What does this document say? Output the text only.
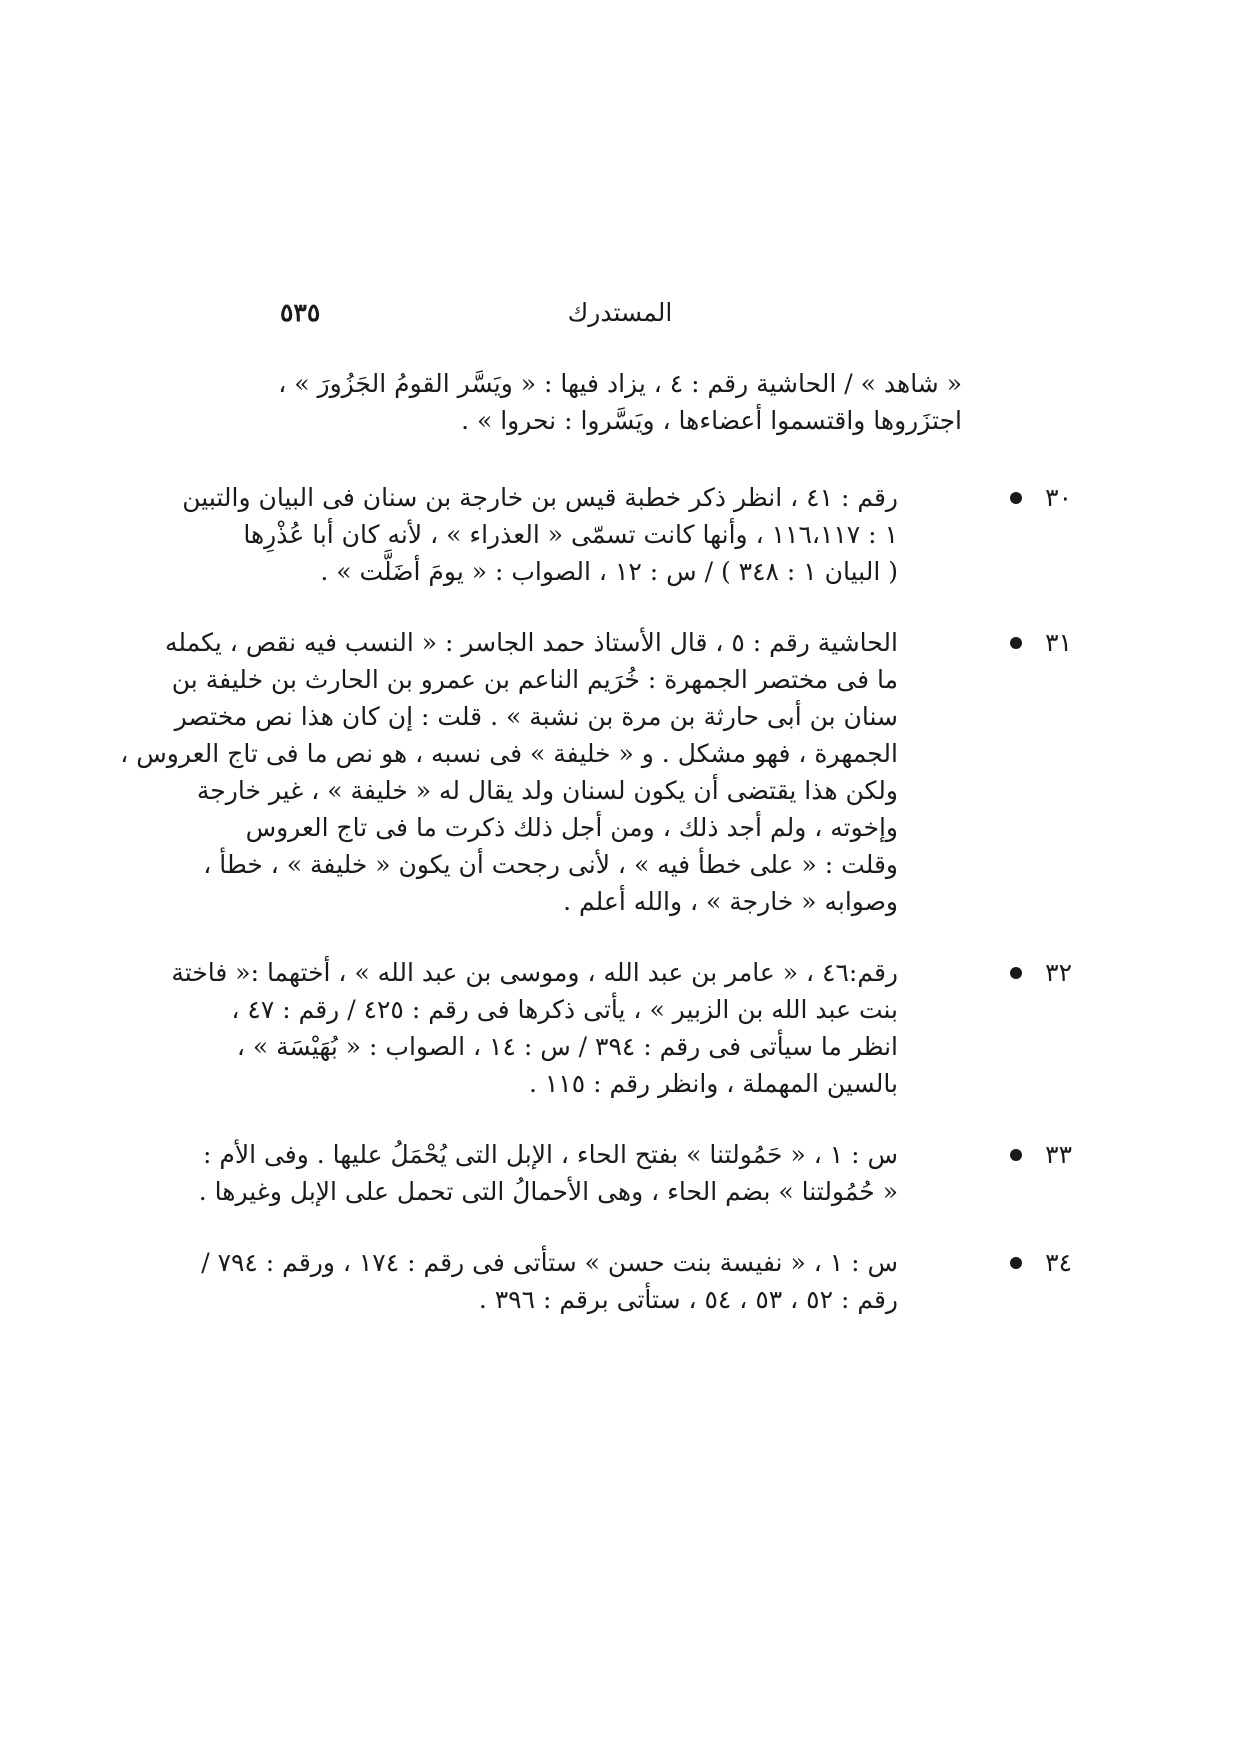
المستدرك
٥٣٥
« شاهد » / الحاشية رقم : ٤ ، يزاد فيها : « ويَسَّر القومُ الجَزُورَ » ،
اجتزَروها واقتسموا أعضاءها ، ويَسَّروا : نحروا » .
٣٠
رقم : ٤١ ، انظر ذكر خطبة قيس بن خارجة بن سنان فى البيان والتبين
١ : ١١٦،١١٧ ، وأنها كانت تسمّى « العذراء » ، لأنه كان أبا عُذْرِها
( البيان ١ : ٣٤٨ ) / س : ١٢ ، الصواب : « يومَ أضَلَّت » .
٣١
الحاشية رقم : ٥ ، قال الأستاذ حمد الجاسر : « النسب فيه نقص ، يكمله
ما فى مختصر الجمهرة : خُرَيم الناعم بن عمرو بن الحارث بن خليفة بن
سنان بن أبى حارثة بن مرة بن نشبة » . قلت : إن كان هذا نص مختصر
الجمهرة ، فهو مشكل . و « خليفة » فى نسبه ، هو نص ما فى تاج العروس ،
ولكن هذا يقتضى أن يكون لسنان ولد يقال له « خليفة » ، غير خارجة
وإخوته ، ولم أجد ذلك ، ومن أجل ذلك ذكرت ما فى تاج العروس
وقلت : « على خطأ فيه » ، لأنى رجحت أن يكون « خليفة » ، خطأ ،
وصوابه « خارجة » ، والله أعلم .
٣٢
رقم:٤٦ ، « عامر بن عبد الله ، وموسى بن عبد الله » ، أختهما :« فاختة
بنت عبد الله بن الزبير » ، يأتى ذكرها فى رقم : ٤٢٥ / رقم : ٤٧ ،
انظر ما سيأتى فى رقم : ٣٩٤ / س : ١٤ ، الصواب : « بُهَيْسَة » ،
بالسين المهملة ، وانظر رقم : ١١٥ .
٣٣
س : ١ ، « حَمُولتنا » بفتح الحاء ، الإبل التى يُحْمَلُ عليها . وفى الأم :
« حُمُولتنا » بضم الحاء ، وهى الأحمالُ التى تحمل على الإبل وغيرها .
٣٤
س : ١ ، « نفيسة بنت حسن » ستأتى فى رقم : ١٧٤ ، ورقم : ٧٩٤ /
رقم : ٥٢ ، ٥٣ ، ٥٤ ، ستأتى برقم : ٣٩٦ .
